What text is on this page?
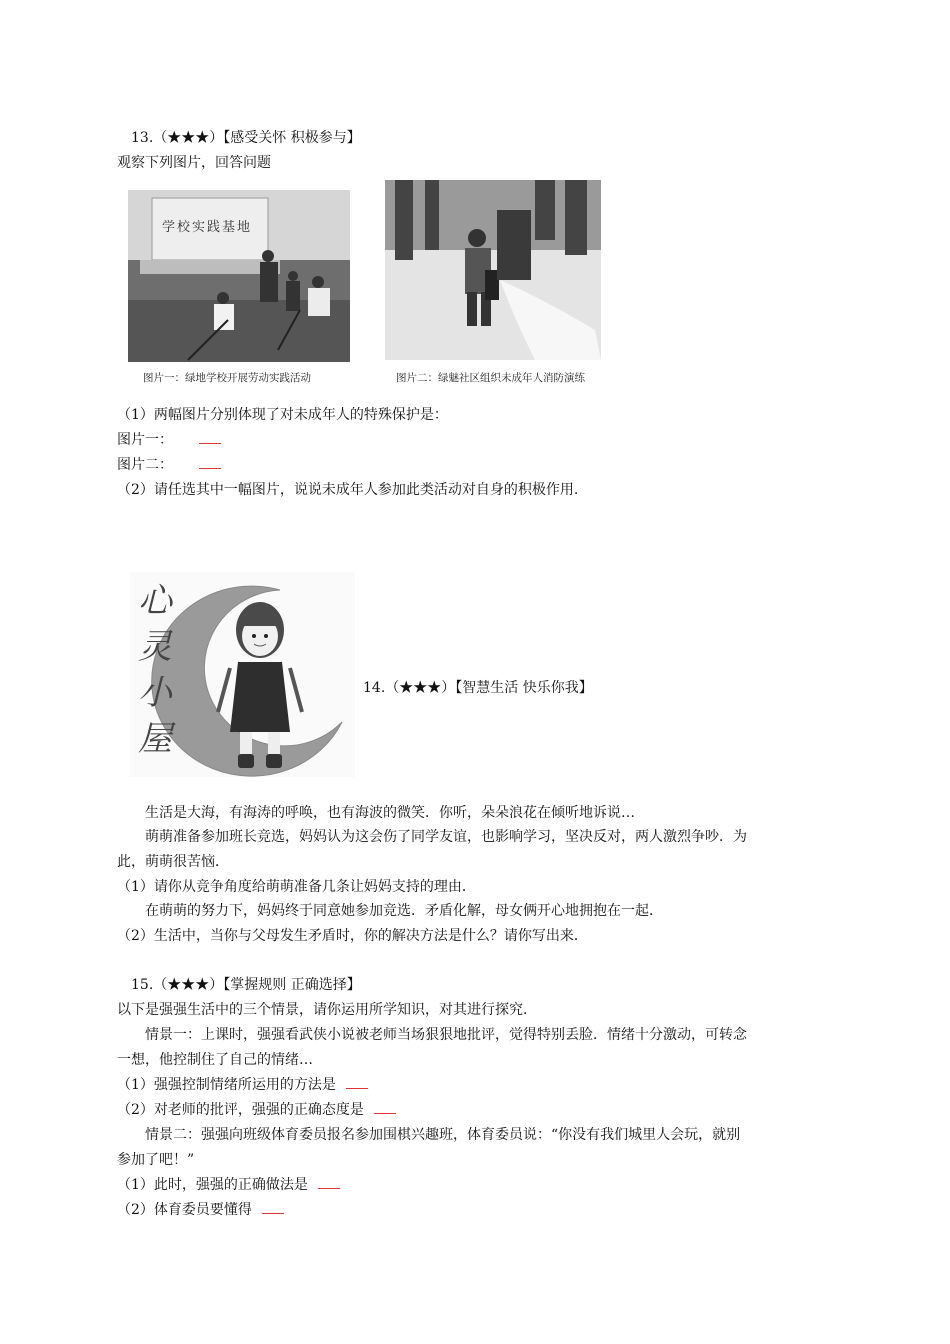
13.（★★★）【感受关怀 积极参与】
观察下列图片，回答问题
学校实践基地
图片一：绿地学校开展劳动实践活动	图片二：绿魅社区组织未成年人消防演练
（1）两幅图片分别体现了对未成年人的特殊保护是：
图片一：
图片二：
（2）请任选其中一幅图片，说说未成年人参加此类活动对自身的积极作用.
心
灵
小
屋
14.（★★★）【智慧生活 快乐你我】
生活是大海，有海涛的呼唤，也有海波的微笑．你听，朵朵浪花在倾听地诉说…
萌萌准备参加班长竞选，妈妈认为这会伤了同学友谊，也影响学习，坚决反对，两人激烈争吵．为
此，萌萌很苦恼．
（1）请你从竞争角度给萌萌准备几条让妈妈支持的理由．
在萌萌的努力下，妈妈终于同意她参加竞选．矛盾化解，母女俩开心地拥抱在一起．
（2）生活中，当你与父母发生矛盾时，你的解决方法是什么？请你写出来．
15.（★★★）【掌握规则 正确选择】
以下是强强生活中的三个情景，请你运用所学知识，对其进行探究．
情景一：上课时，强强看武侠小说被老师当场狠狠地批评，觉得特别丢脸．情绪十分激动，可转念
一想，他控制住了自己的情绪…
（1）强强控制情绪所运用的方法是
（2）对老师的批评，强强的正确态度是
情景二：强强向班级体育委员报名参加围棋兴趣班，体育委员说：“你没有我们城里人会玩，就别
参加了吧！”
（1）此时，强强的正确做法是
（2）体育委员要懂得
